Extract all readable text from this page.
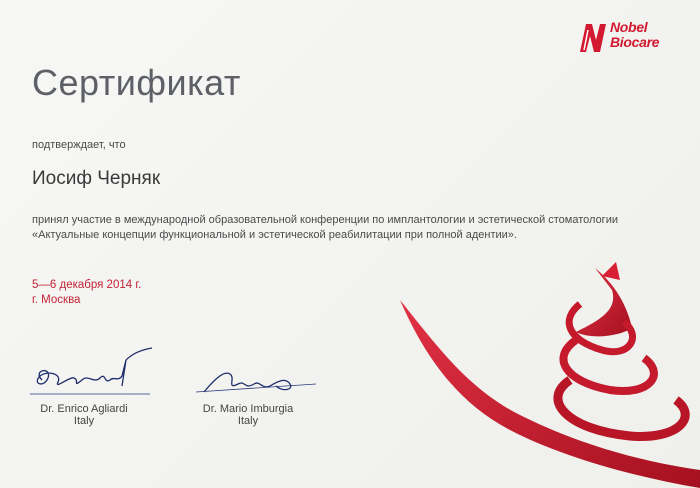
Nobel
Biocare
Сертификат
подтверждает, что
Иосиф Черняк
принял участие в международной образовательной конференции по имплантологии и эстетической стоматологии
«Актуальные концепции функциональной и эстетической реабилитации при полной адентии».
5—6 декабря 2014 г.
г. Москва
Dr. Enrico Agliardi
Italy
Dr. Mario Imburgia
Italy
